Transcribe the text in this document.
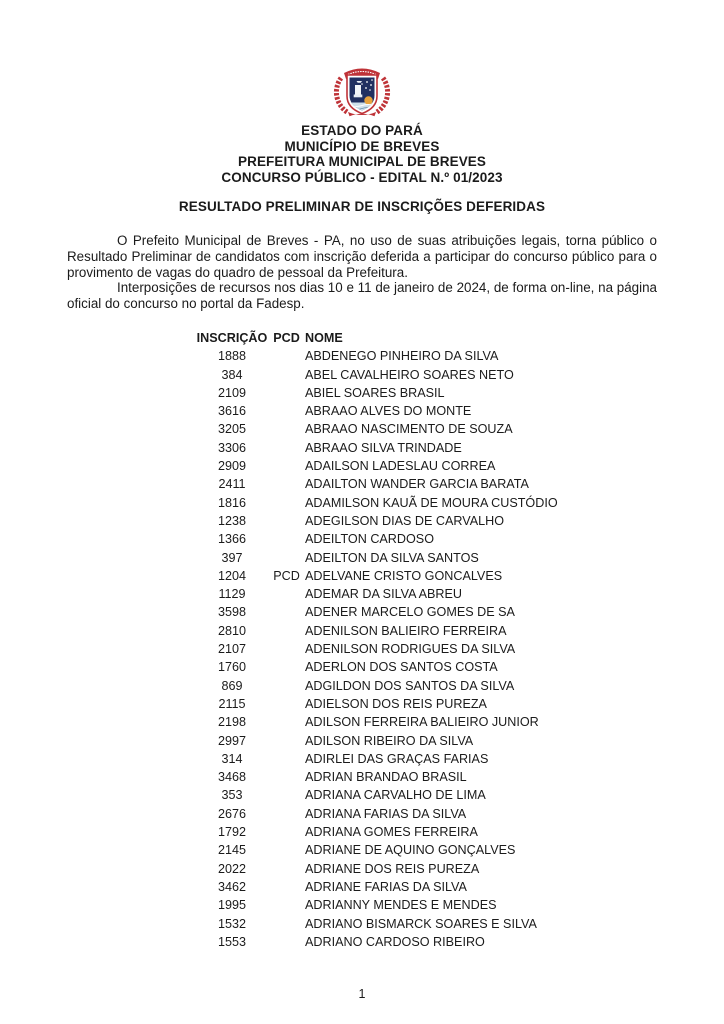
ESTADO DO PARÁ
MUNICÍPIO DE BREVES
PREFEITURA MUNICIPAL DE BREVES
CONCURSO PÚBLICO - EDITAL N.º 01/2023
RESULTADO PRELIMINAR DE INSCRIÇÕES DEFERIDAS

O Prefeito Municipal de Breves - PA, no uso de suas atribuições legais, torna público o Resultado Preliminar de candidatos com inscrição deferida a participar do concurso público para o provimento de vagas do quadro de pessoal da Prefeitura.

Interposições de recursos nos dias 10 e 11 de janeiro de 2024, de forma on-line, na página oficial do concurso no portal da Fadesp.

INSCRIÇÃO PCD NOME
1888	ABDENEGO PINHEIRO DA SILVA
384	ABEL CAVALHEIRO SOARES NETO
2109	ABIEL SOARES BRASIL
3616	ABRAAO ALVES DO MONTE
3205	ABRAAO NASCIMENTO DE SOUZA
3306	ABRAAO SILVA TRINDADE
2909	ADAILSON LADESLAU CORREA
2411	ADAILTON WANDER GARCIA BARATA
1816	ADAMILSON KAUÃ DE MOURA CUSTÓDIO
1238	ADEGILSON DIAS DE CARVALHO
1366	ADEILTON CARDOSO
397	ADEILTON DA SILVA SANTOS
1204	PCD ADELVANE CRISTO GONCALVES
1129	ADEMAR DA SILVA ABREU
3598	ADENER MARCELO GOMES DE SA
2810	ADENILSON BALIEIRO FERREIRA
2107	ADENILSON RODRIGUES DA SILVA
1760	ADERLON DOS SANTOS COSTA
869	ADGILDON DOS SANTOS DA SILVA
2115	ADIELSON DOS REIS PUREZA
2198	ADILSON FERREIRA BALIEIRO JUNIOR
2997	ADILSON RIBEIRO DA SILVA
314	ADIRLEI DAS GRAÇAS FARIAS
3468	ADRIAN BRANDAO BRASIL
353	ADRIANA CARVALHO DE LIMA
2676	ADRIANA FARIAS DA SILVA
1792	ADRIANA GOMES FERREIRA
2145	ADRIANE DE AQUINO GONÇALVES
2022	ADRIANE DOS REIS PUREZA
3462	ADRIANE FARIAS DA SILVA
1995	ADRIANNY MENDES E MENDES
1532	ADRIANO BISMARCK SOARES E SILVA
1553	ADRIANO CARDOSO RIBEIRO
1
